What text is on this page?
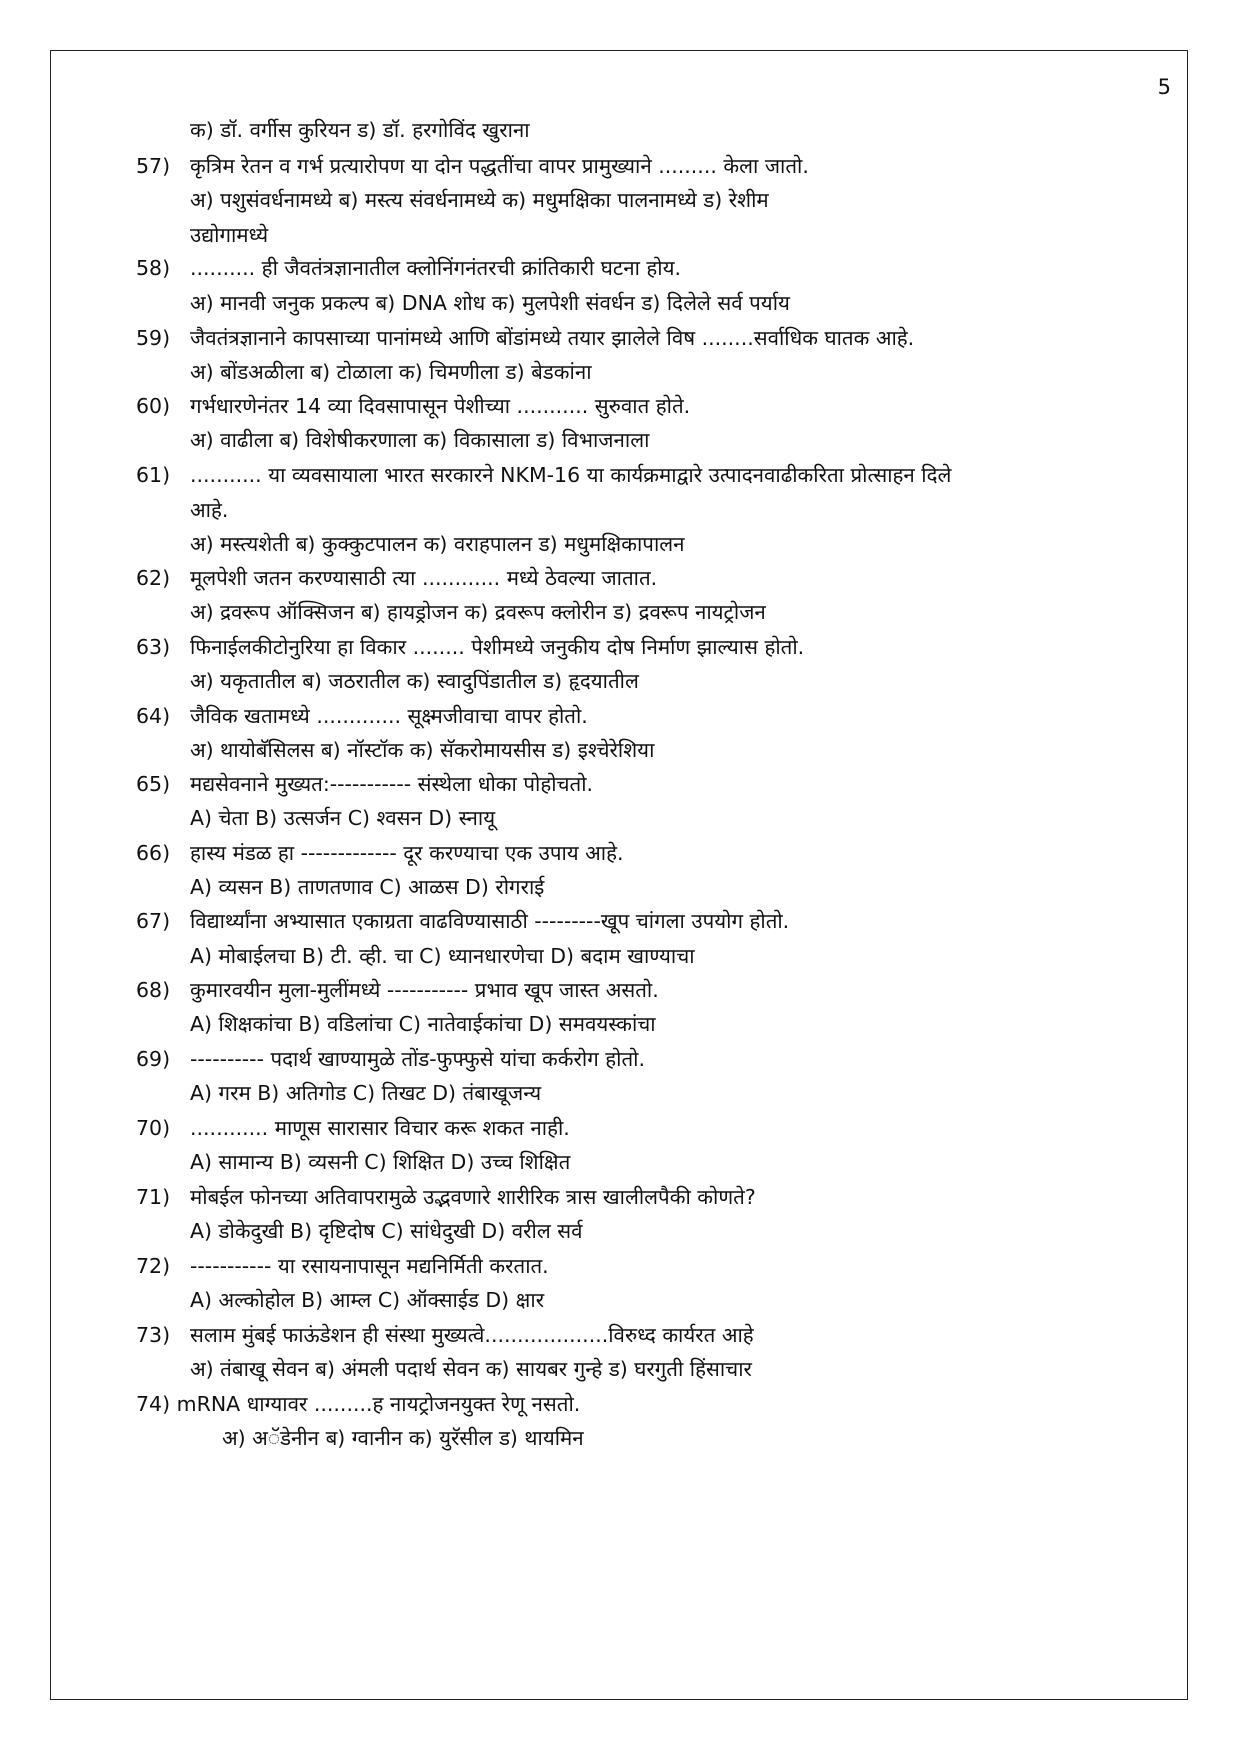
5
क) डॉ. वर्गीस कुरियन ड) डॉ. हरगोविंद खुराना
57) कृत्रिम रेतन व गर्भ प्रत्यारोपण या दोन पद्धतींचा वापर प्रामुख्याने ......... केला जातो.
अ) पशुसंवर्धनामध्ये ब) मस्त्य संवर्धनामध्ये क) मधुमक्षिका पालनामध्ये ड) रेशीम
उद्योगामध्ये
58) .......... ही जैवतंत्रज्ञानातील क्लोनिंगनंतरची क्रांतिकारी घटना होय.
अ) मानवी जनुक प्रकल्प ब) DNA शोध क) मुलपेशी संवर्धन ड) दिलेले सर्व पर्याय
59) जैवतंत्रज्ञानाने कापसाच्या पानांमध्ये आणि बोंडांमध्ये तयार झालेले विष ........सर्वाधिक घातक आहे.
अ) बोंडअळीला ब) टोळाला क) चिमणीला ड) बेडकांना
60) गर्भधारणेनंतर 14 व्या दिवसापासून पेशीच्या ........... सुरुवात होते.
अ) वाढीला ब) विशेषीकरणाला क) विकासाला ड) विभाजनाला
61) ........... या व्यवसायाला भारत सरकारने NKM-16 या कार्यक्रमाद्वारे उत्पादनवाढीकरिता प्रोत्साहन दिले
आहे.
अ) मस्त्यशेती ब) कुक्कुटपालन क) वराहपालन ड) मधुमक्षिकापालन
62) मूलपेशी जतन करण्यासाठी त्या ............ मध्ये ठेवल्या जातात.
अ) द्रवरूप ऑक्सिजन ब) हायड्रोजन क) द्रवरूप क्लोरीन ड) द्रवरूप नायट्रोजन
63) फिनाईलकीटोनुरिया हा विकार ........ पेशीमध्ये जनुकीय दोष निर्माण झाल्यास होतो.
अ) यकृतातील ब) जठरातील क) स्वादुपिंडातील ड) हृदयातील
64) जैविक खतामध्ये ............. सूक्ष्मजीवाचा वापर होतो.
अ) थायोबॅसिलस ब) नॉस्टॉक क) सॅकरोमायसीस ड) इश्चेरेशिया
65) मद्यसेवनाने मुख्यत:----------- संस्थेला धोका पोहोचतो.
A) चेता B) उत्सर्जन C) श्वसन D) स्नायू
66) हास्य मंडळ हा ------------- दूर करण्याचा एक उपाय आहे.
A) व्यसन B) ताणतणाव C) आळस D) रोगराई
67) विद्यार्थ्यांना अभ्यासात एकाग्रता वाढविण्यासाठी ---------खूप चांगला उपयोग होतो.
A) मोबाईलचा B) टी. व्ही. चा C) ध्यानधारणेचा D) बदाम खाण्याचा
68) कुमारवयीन मुला-मुलींमध्ये ----------- प्रभाव खूप जास्त असतो.
A) शिक्षकांचा B) वडिलांचा C) नातेवाईकांचा D) समवयस्कांचा
69) ---------- पदार्थ खाण्यामुळे तोंड-फुफ्फुसे यांचा कर्करोग होतो.
A) गरम B) अतिगोड C) तिखट D) तंबाखूजन्य
70) ............ माणूस सारासार विचार करू शकत नाही.
A) सामान्य B) व्यसनी C) शिक्षित D) उच्च शिक्षित
71) मोबईल फोनच्या अतिवापरामुळे उद्भवणारे शारीरिक त्रास खालीलपैकी कोणते?
A) डोकेदुखी B) दृष्टिदोष C) सांधेदुखी D) वरील सर्व
72) ----------- या रसायनापासून मद्यनिर्मिती करतात.
A) अल्कोहोल B) आम्ल C) ऑक्साईड D) क्षार
73) सलाम मुंबई फाऊंडेशन ही संस्था मुख्यत्वे...................विरुध्द कार्यरत आहे
अ) तंबाखू सेवन ब) अंमली पदार्थ सेवन क) सायबर गुन्हे ड) घरगुती हिंसाचार
74) mRNA धाग्यावर .........ह नायट्रोजनयुक्त रेणू नसतो.
अ) अॅडेनीन ब) ग्वानीन क) युरॅसील ड) थायमिन
